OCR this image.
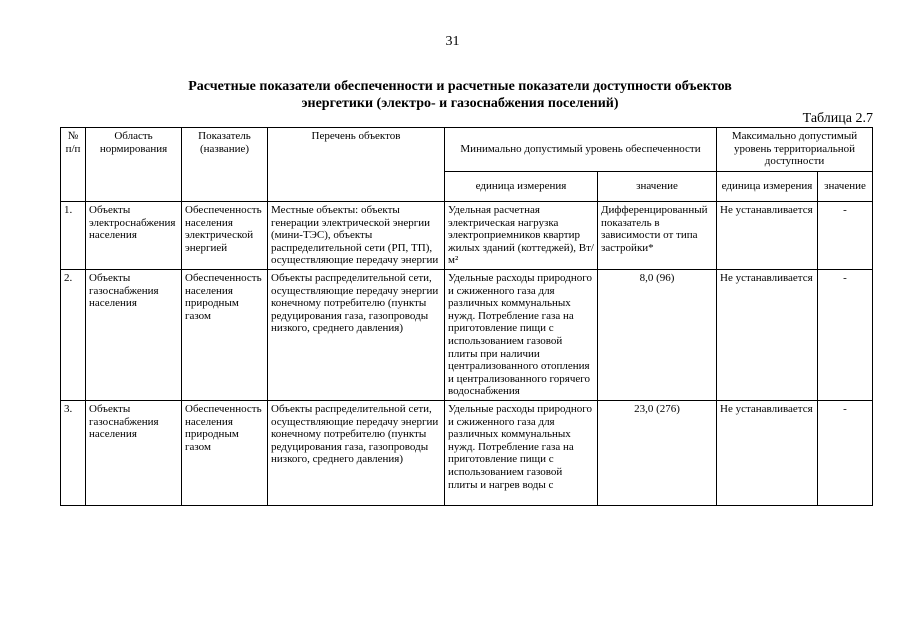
31
Расчетные показатели обеспеченности и расчетные показатели доступности объектов
энергетики (электро- и газоснабжения поселений)
Таблица 2.7
№ п/п	Область нормирования	Показатель (название)	Перечень объектов	Минимально допустимый уровень обеспеченности		Максимально допустимый уровень территориальной доступности	
				единица измерения	значение	единица измерения	значение
1.	Объекты электроснабжения населения	Обеспеченность населения электрической энергией	Местные объекты: объекты генерации электрической энергии (мини-ТЭС), объекты распределительной сети (РП, ТП), осуществляющие передачу энергии	Удельная расчетная электрическая нагрузка электроприемников квартир жилых зданий (коттеджей), Вт/м²	Дифференцированный показатель в зависимости от типа застройки*	Не устанавливается	-
2.	Объекты газоснабжения населения	Обеспеченность населения природным газом	Объекты распределительной сети, осуществляющие передачу энергии конечному потребителю (пункты редуцирования газа, газопроводы низкого, среднего давления)	Удельные расходы природного и сжиженного газа для различных коммунальных нужд. Потребление газа на приготовление пищи с использованием газовой плиты при наличии централизованного отопления и централизованного горячего водоснабжения	8,0 (96)	Не устанавливается	-
3.	Объекты газоснабжения населения	Обеспеченность населения природным газом	Объекты распределительной сети, осуществляющие передачу энергии конечному потребителю (пункты редуцирования газа, газопроводы низкого, среднего давления)	Удельные расходы природного и сжиженного газа для различных коммунальных нужд. Потребление газа на приготовление пищи с использованием газовой плиты и нагрев воды с	23,0 (276)	Не устанавливается	-
